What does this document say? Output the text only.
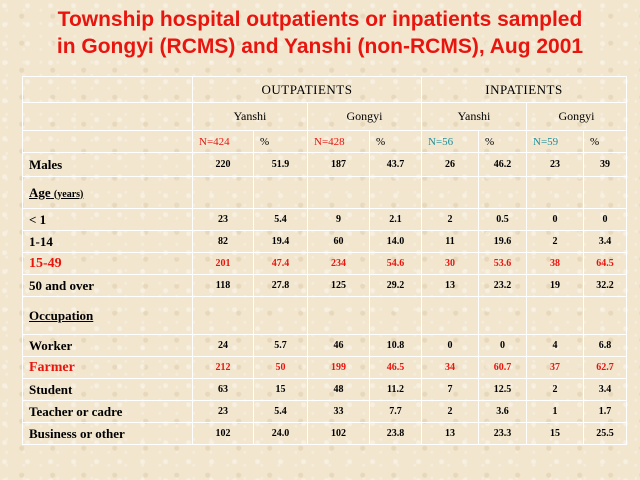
Township hospital outpatients or inpatients sampled
in Gongyi (RCMS) and Yanshi (non-RCMS), Aug 2001
	OUTPATIENTS				INPATIENTS			
	Yanshi		Gongyi		Yanshi		Gongyi	
	N=424	%	N=428	%	N=56	%	N=59	%
Males	220	51.9	187	43.7	26	46.2	23	39
Age (years)								
< 1	23	5.4	9	2.1	2	0.5	0	0
1-14	82	19.4	60	14.0	11	19.6	2	3.4
15-49	201	47.4	234	54.6	30	53.6	38	64.5
50 and over	118	27.8	125	29.2	13	23.2	19	32.2
Occupation								
Worker	24	5.7	46	10.8	0	0	4	6.8
Farmer	212	50	199	46.5	34	60.7	37	62.7
Student	63	15	48	11.2	7	12.5	2	3.4
Teacher or cadre	23	5.4	33	7.7	2	3.6	1	1.7
Business or other	102	24.0	102	23.8	13	23.3	15	25.5
